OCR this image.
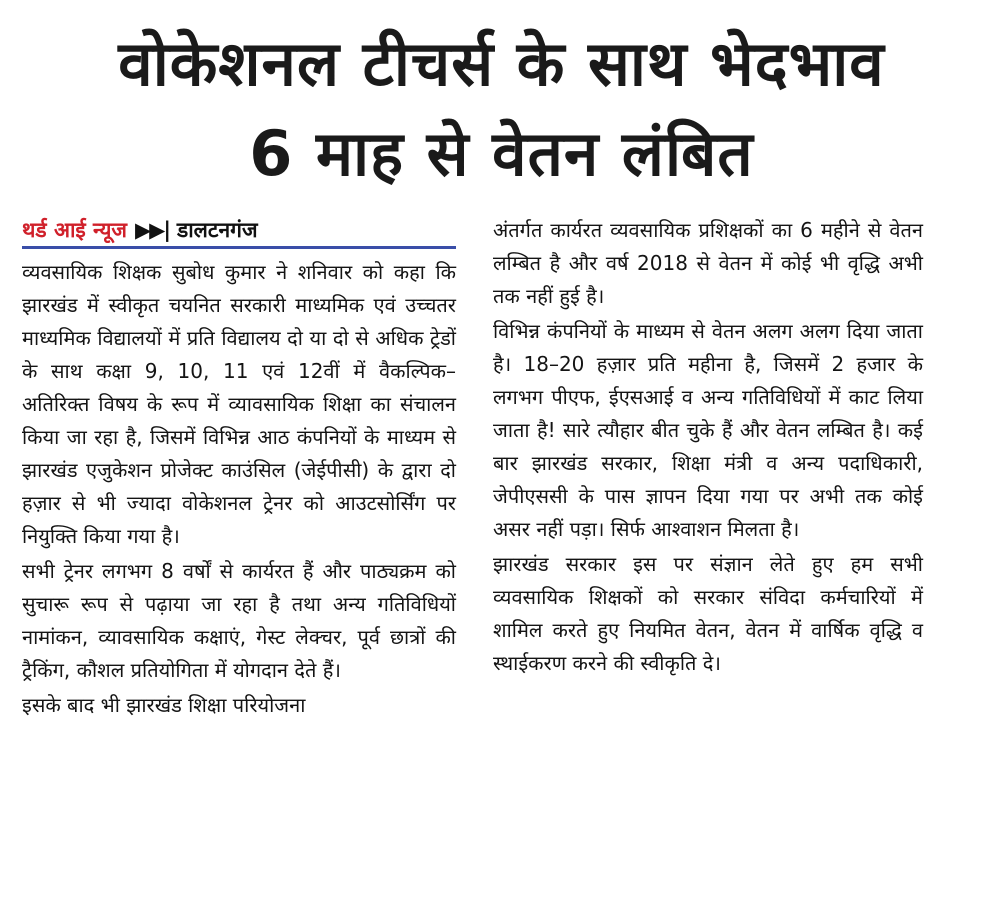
वोकेशनल टीचर्स के साथ भेदभाव
6 माह से वेतन लंबित
थर्ड आई न्यूज ▶▶| डालटनगंज

व्यवसायिक शिक्षक सुबोध कुमार ने शनिवार को कहा कि झारखंड में स्वीकृत चयनित सरकारी माध्यमिक एवं उच्चतर माध्यमिक विद्यालयों में प्रति विद्यालय दो या दो से अधिक ट्रेडों के साथ कक्षा 9, 10, 11 एवं 12वीं में वैकल्पिक–अतिरिक्त विषय के रूप में व्यावसायिक शिक्षा का संचालन किया जा रहा है, जिसमें विभिन्न आठ कंपनियों के माध्यम से झारखंड एजुकेशन प्रोजेक्ट काउंसिल (जेईपीसी) के द्वारा दो हज़ार से भी ज्यादा वोकेशनल ट्रेनर को आउटसोर्सिंग पर नियुक्ति किया गया है।

सभी ट्रेनर लगभग 8 वर्षों से कार्यरत हैं और पाठ्यक्रम को सुचारू रूप से पढ़ाया जा रहा है तथा अन्य गतिविधियों नामांकन, व्यावसायिक कक्षाएं, गेस्ट लेक्चर, पूर्व छात्रों की ट्रैकिंग, कौशल प्रतियोगिता में योगदान देते हैं।

इसके बाद भी झारखंड शिक्षा परियोजना

अंतर्गत कार्यरत व्यवसायिक प्रशिक्षकों का 6 महीने से वेतन लम्बित है और वर्ष 2018 से वेतन में कोई भी वृद्धि अभी तक नहीं हुई है।

विभिन्न कंपनियों के माध्यम से वेतन अलग अलग दिया जाता है। 18–20 हज़ार प्रति महीना है, जिसमें 2 हजार के लगभग पीएफ, ईएसआई व अन्य गतिविधियों में काट लिया जाता है! सारे त्यौहार बीत चुके हैं और वेतन लम्बित है। कई बार झारखंड सरकार, शिक्षा मंत्री व अन्य पदाधिकारी, जेपीएससी के पास ज्ञापन दिया गया पर अभी तक कोई असर नहीं पड़ा। सिर्फ आश्वाशन मिलता है।

झारखंड सरकार इस पर संज्ञान लेते हुए हम सभी व्यवसायिक शिक्षकों को सरकार संविदा कर्मचारियों में शामिल करते हुए नियमित वेतन, वेतन में वार्षिक वृद्धि व स्थाईकरण करने की स्वीकृति दे।
